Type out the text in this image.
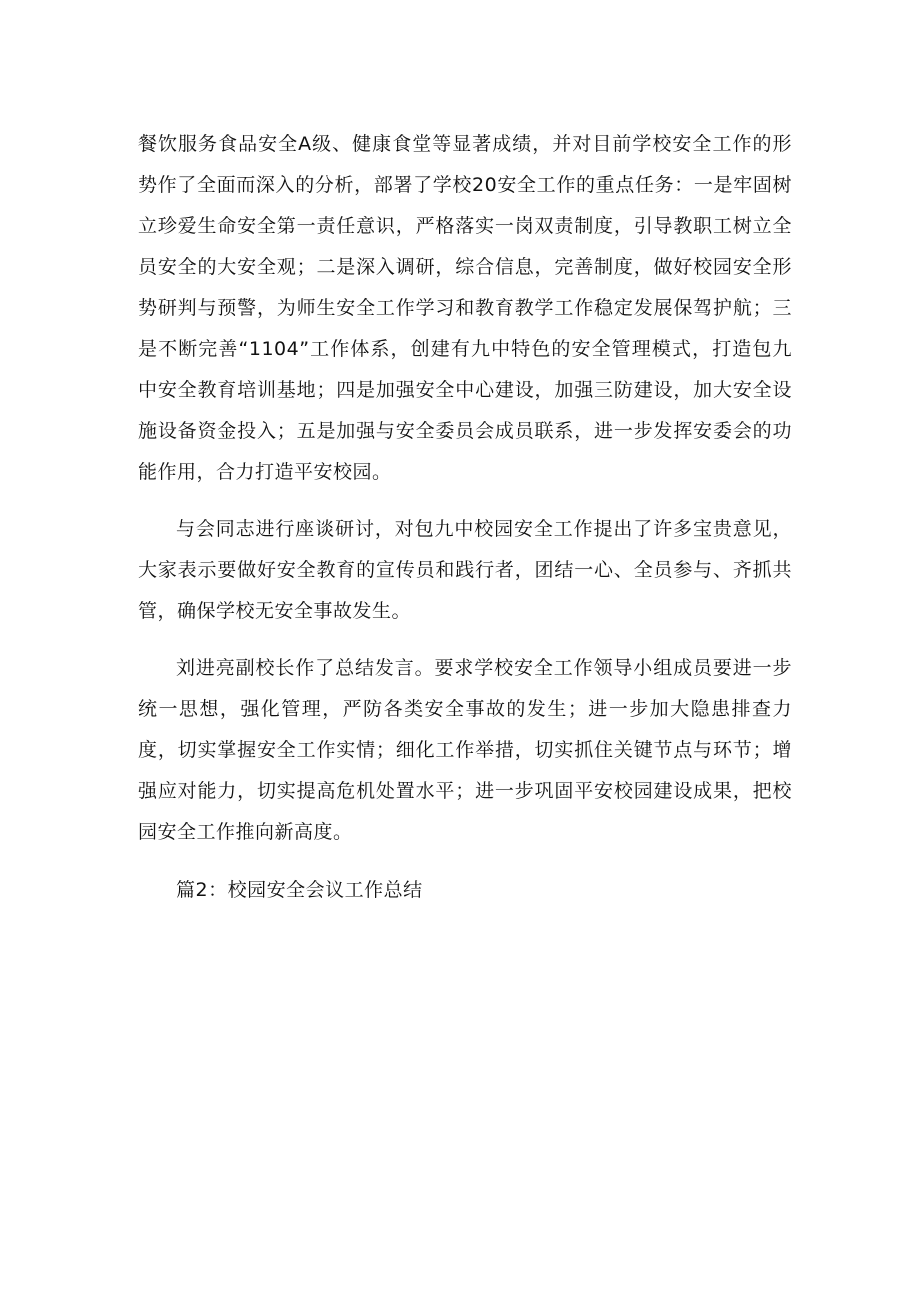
餐饮服务食品安全A级、健康食堂等显著成绩，并对目前学校安全工作的形势作了全面而深入的分析，部署了学校20安全工作的重点任务：一是牢固树立珍爱生命安全第一责任意识，严格落实一岗双责制度，引导教职工树立全员安全的大安全观；二是深入调研，综合信息，完善制度，做好校园安全形势研判与预警，为师生安全工作学习和教育教学工作稳定发展保驾护航；三是不断完善“1104”工作体系，创建有九中特色的安全管理模式，打造包九中安全教育培训基地；四是加强安全中心建设，加强三防建设，加大安全设施设备资金投入；五是加强与安全委员会成员联系，进一步发挥安委会的功能作用，合力打造平安校园。

与会同志进行座谈研讨，对包九中校园安全工作提出了许多宝贵意见，大家表示要做好安全教育的宣传员和践行者，团结一心、全员参与、齐抓共管，确保学校无安全事故发生。

刘进亮副校长作了总结发言。要求学校安全工作领导小组成员要进一步统一思想，强化管理，严防各类安全事故的发生；进一步加大隐患排查力度，切实掌握安全工作实情；细化工作举措，切实抓住关键节点与环节；增强应对能力，切实提高危机处置水平；进一步巩固平安校园建设成果，把校园安全工作推向新高度。

篇2：校园安全会议工作总结
